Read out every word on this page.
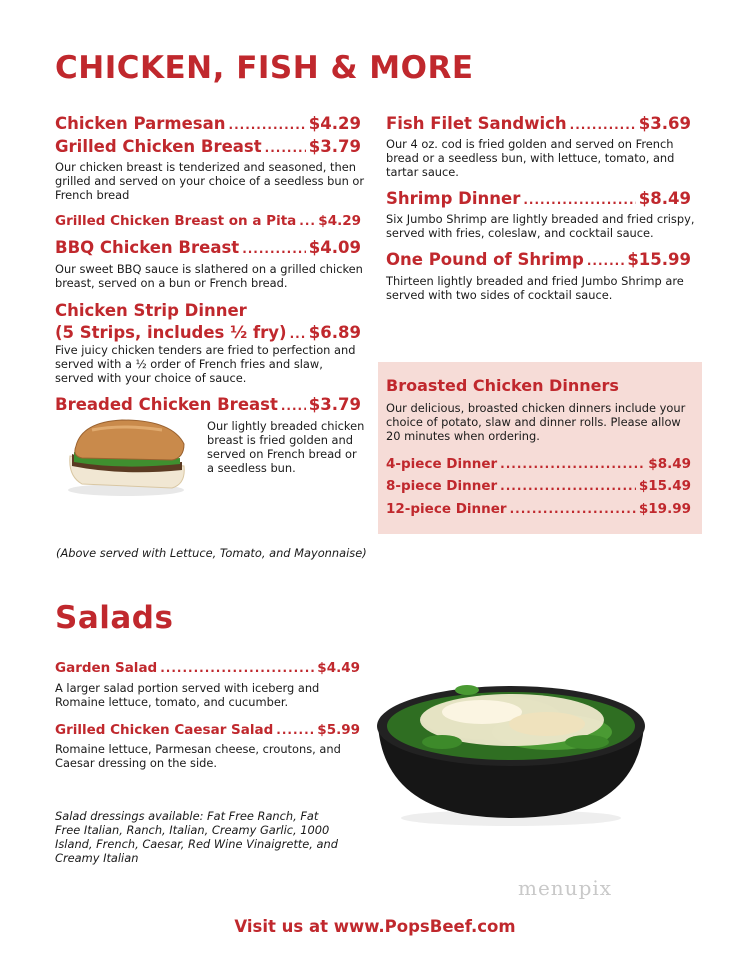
CHICKEN, FISH & MORE
Chicken Parmesan .....	$4.29
Grilled Chicken Breast .....	$3.79
Our chicken breast is tenderized and seasoned, then grilled and served on your choice of a seedless bun or French bread
Grilled Chicken Breast on a Pita ..... $4.29
BBQ Chicken Breast .....	$4.09
Our sweet BBQ sauce is slathered on a grilled chicken breast, served on a bun or French bread.
Chicken Strip Dinner
(5 Strips, includes ½ fry) ..... $6.89
Five juicy chicken tenders are fried to perfection and served with a ½ order of French fries and slaw, served with your choice of sauce.
Breaded Chicken Breast ..... $3.79
Our lightly breaded chicken breast is fried golden and served on French bread or a seedless bun.
(Above served with Lettuce, Tomato, and Mayonnaise)
Fish Filet Sandwich .....	$3.69
Our 4 oz. cod is fried golden and served on French bread or a seedless bun, with lettuce, tomato, and tartar sauce.
Shrimp Dinner .....	$8.49
Six Jumbo Shrimp are lightly breaded and fried crispy, served with fries, coleslaw, and cocktail sauce.
One Pound of Shrimp .....	$15.99
Thirteen lightly breaded and fried Jumbo Shrimp are served with two sides of cocktail sauce.
Broasted Chicken Dinners
Our delicious, broasted chicken dinners include your choice of potato, slaw and dinner rolls. Please allow 20 minutes when ordering.
4-piece Dinner .....	$8.49
8-piece Dinner .....	$15.49
12-piece Dinner .....	$19.99
Salads
Garden Salad .....	$4.49
A larger salad portion served with iceberg and Romaine lettuce, tomato, and cucumber.
Grilled Chicken Caesar Salad .....	$5.99
Romaine lettuce, Parmesan cheese, croutons, and Caesar dressing on the side.
Salad dressings available: Fat Free Ranch, Fat Free Italian, Ranch, Italian, Creamy Garlic, 1000 Island, French, Caesar, Red Wine Vinaigrette, and Creamy Italian
menupix
Visit us at www.PopsBeef.com
